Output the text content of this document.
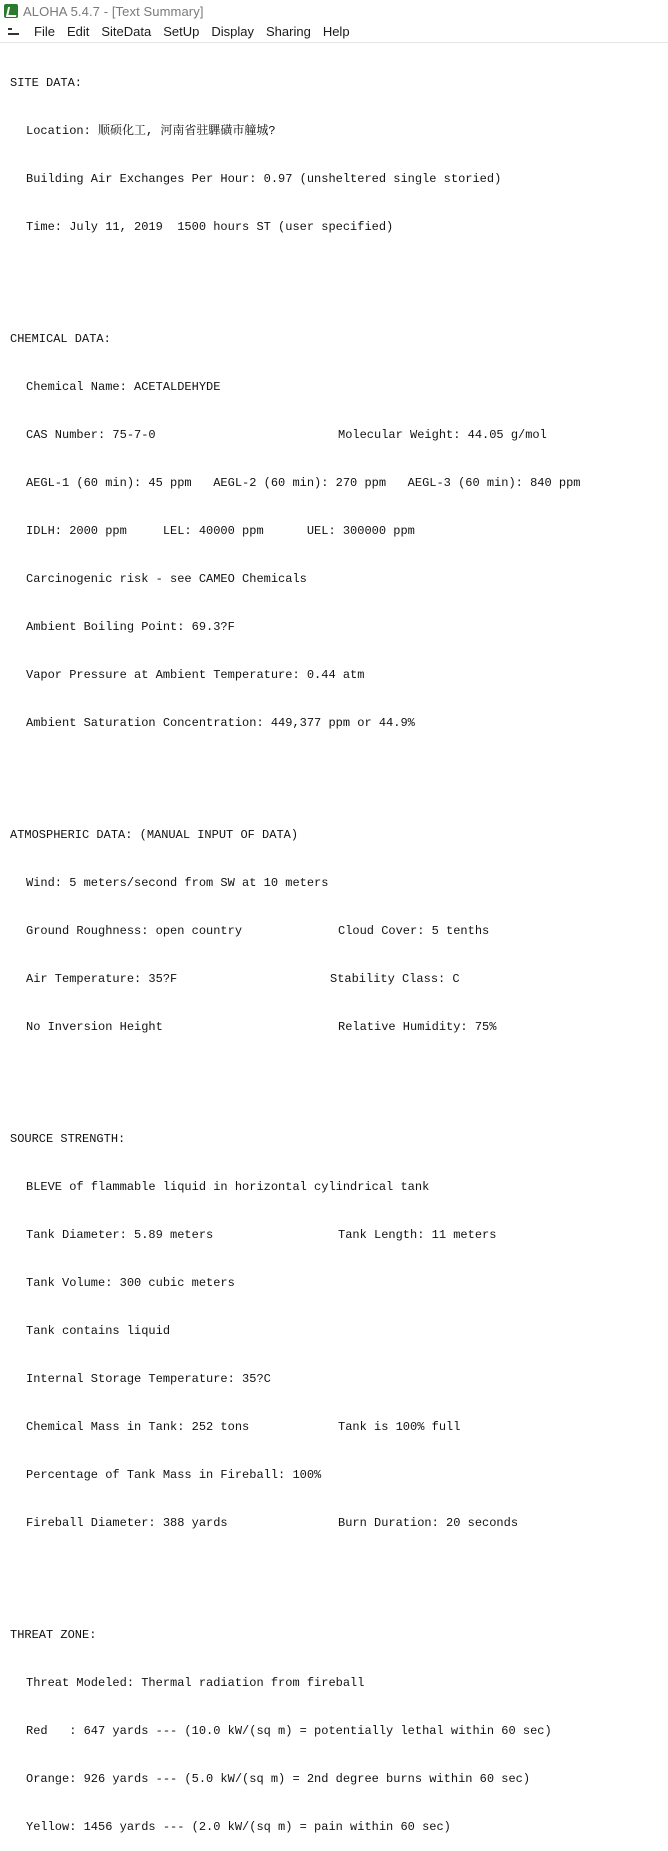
ALOHA 5.4.7 - [Text Summary]
File Edit SiteData SetUp Display Sharing Help

SITE DATA:

Location: 顺硕化工, 河南省驻驆磺市艟城?

Building Air Exchanges Per Hour: 0.97 (unsheltered single storied)

Time: July 11, 2019  1500 hours ST (user specified)

CHEMICAL DATA:

Chemical Name: ACETALDEHYDE

CAS Number: 75-7-0	Molecular Weight: 44.05 g/mol

AEGL-1 (60 min): 45 ppm   AEGL-2 (60 min): 270 ppm   AEGL-3 (60 min): 840 ppm

IDLH: 2000 ppm     LEL: 40000 ppm      UEL: 300000 ppm

Carcinogenic risk - see CAMEO Chemicals

Ambient Boiling Point: 69.3?F

Vapor Pressure at Ambient Temperature: 0.44 atm

Ambient Saturation Concentration: 449,377 ppm or 44.9%

ATMOSPHERIC DATA: (MANUAL INPUT OF DATA)

Wind: 5 meters/second from SW at 10 meters

Ground Roughness: open country	Cloud Cover: 5 tenths

Air Temperature: 35?F	Stability Class: C

No Inversion Height	Relative Humidity: 75%

SOURCE STRENGTH:

BLEVE of flammable liquid in horizontal cylindrical tank

Tank Diameter: 5.89 meters	Tank Length: 11 meters

Tank Volume: 300 cubic meters

Tank contains liquid

Internal Storage Temperature: 35?C

Chemical Mass in Tank: 252 tons	Tank is 100% full

Percentage of Tank Mass in Fireball: 100%

Fireball Diameter: 388 yards	Burn Duration: 20 seconds

THREAT ZONE:

Threat Modeled: Thermal radiation from fireball

Red   : 647 yards --- (10.0 kW/(sq m) = potentially lethal within 60 sec)

Orange: 926 yards --- (5.0 kW/(sq m) = 2nd degree burns within 60 sec)

Yellow: 1456 yards --- (2.0 kW/(sq m) = pain within 60 sec)
